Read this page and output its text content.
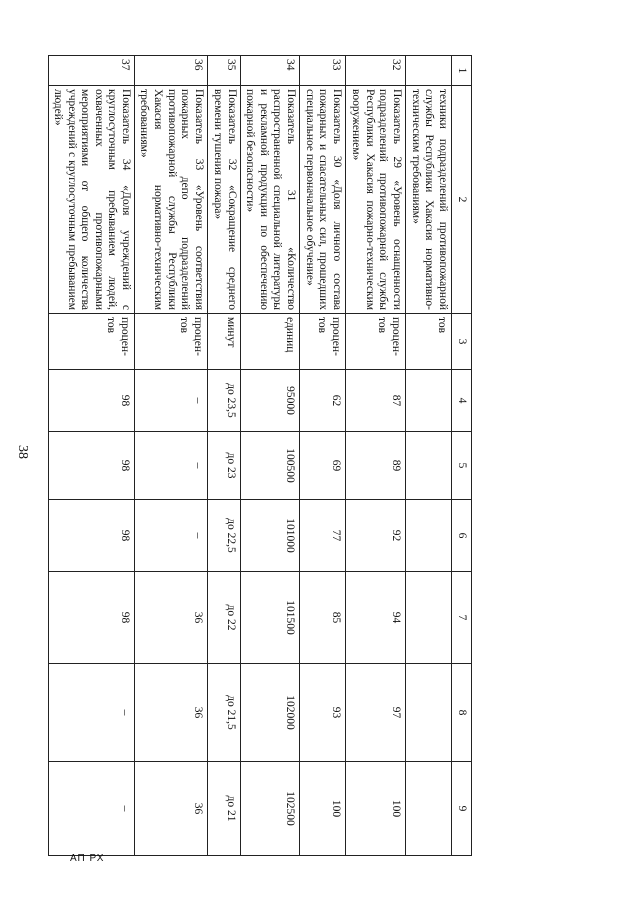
38
1	2	3	4	5	6	7	8	9
	техники подразделений противопожарной службы Республики Хакасия нормативно-техническим требованиям»	тов						
32	Показатель 29 «Уровень оснащенности подразделений противопожарной службы Республики Хакасия пожарно-техническим вооружением»	процен-тов	87	89	92	94	97	100
33	Показатель 30 «Доля личного состава пожарных и спасательных сил, прошедших специальное первоначальное обучение»	процен-тов	62	69	77	85	93	100
34	Показатель 31 «Количество распространенной специальной литературы и рекламной продукции по обеспечению пожарной безопасности»	единиц	95000	100500	101000	101500	102000	102500
35	Показатель 32 «Сокращение среднего времени тушения пожара»	минут	до 23,5	до 23	до 22,5	до 22	до 21,5	до 21
36	Показатель 33 «Уровень соответствия пожарных депо подразделений противопожарной службы Республики Хакасия нормативно-техническим требованиям»	процен-тов	–	–	–	36	36	36
37	Показатель 34 «Доля учреждений с круглосуточным пребыванием людей, охваченных противопожарными мероприятиями от общего количества учреждений с круглосуточным пребыванием людей»	процен-тов	98	98	98	98	–	–
АП РХ
